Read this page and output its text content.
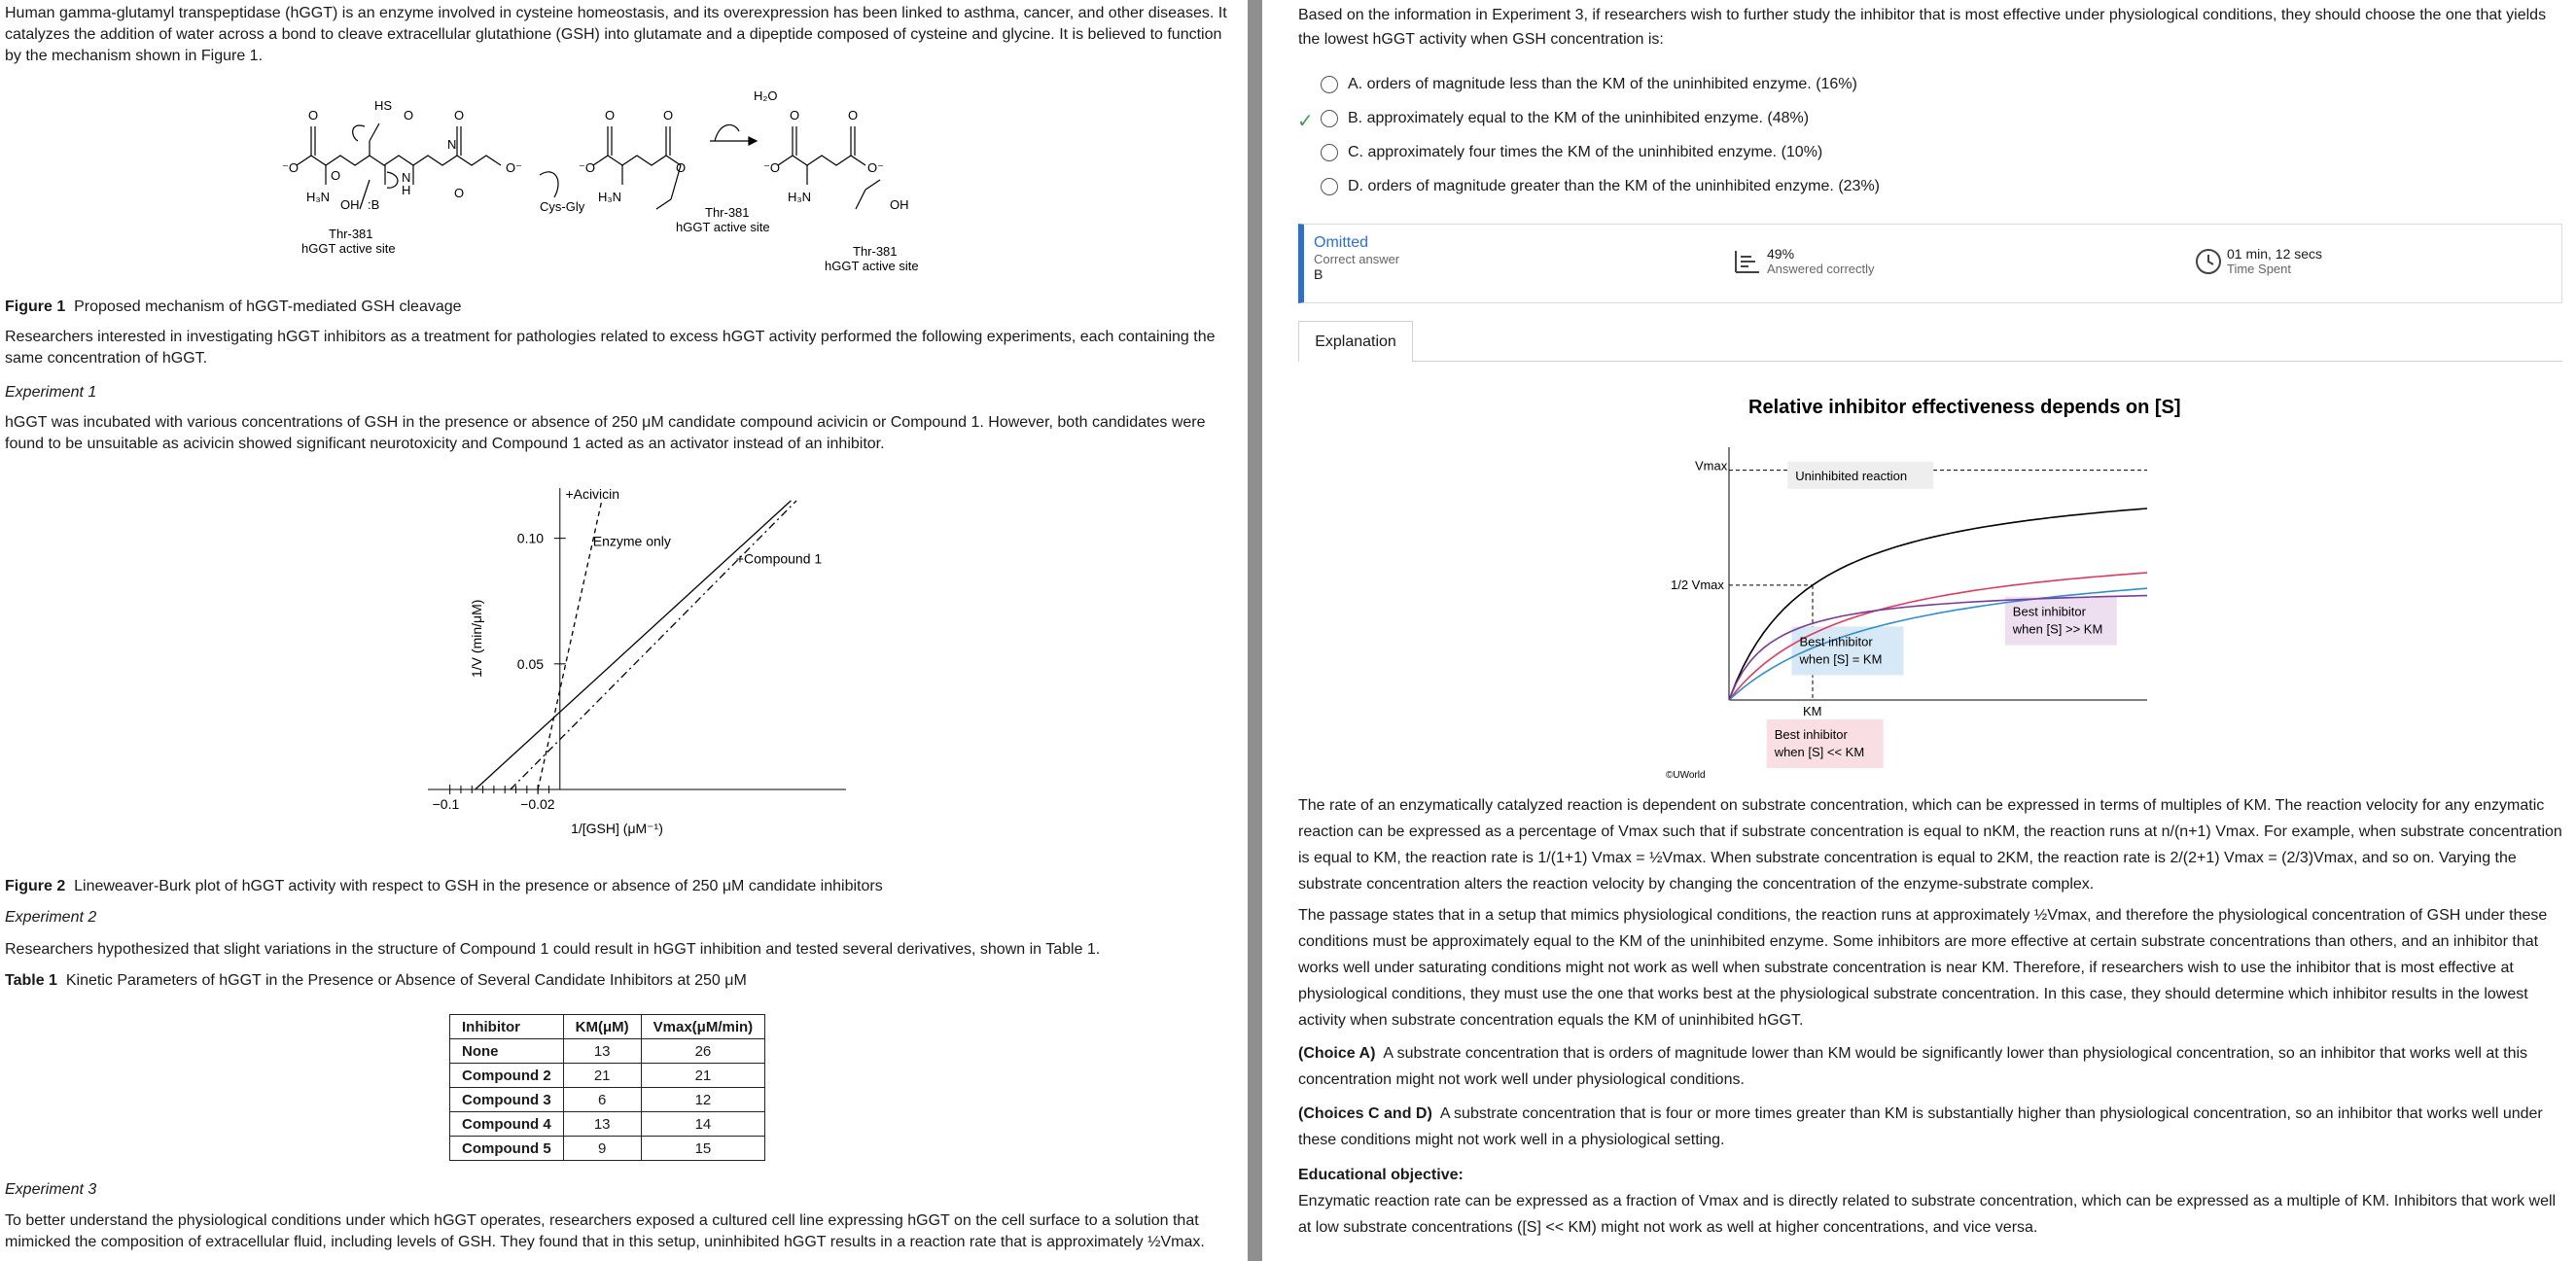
Human gamma-glutamyl transpeptidase (hGGT) is an enzyme involved in cysteine homeostasis, and its overexpression has been linked to asthma, cancer, and other diseases. It catalyzes the addition of water across a bond to cleave extracellular glutathione (GSH) into glutamate and a dipeptide composed of cysteine and glycine. It is believed to function by the mechanism shown in Figure 1.

O	O
O
O
O
O⁻
⁻O
N
H
N
HS
H₃N
OH :B
Thr-381
hGGT active site
Cys-Gly
O	O
⁻O
H₃N
O
Thr-381
hGGT active site
H₂O
O	O
⁻O	O⁻
H₃N
OH
Thr-381
hGGT active site

Figure 1 Proposed mechanism of hGGT-mediated GSH cleavage

Researchers interested in investigating hGGT inhibitors as a treatment for pathologies related to excess hGGT activity performed the following experiments, each containing the same concentration of hGGT.

Experiment 1

hGGT was incubated with various concentrations of GSH in the presence or absence of 250 μM candidate compound acivicin or Compound 1. However, both candidates were found to be unsuitable as acivicin showed significant neurotoxicity and Compound 1 acted as an activator instead of an inhibitor.

−0.1	−0.02
0.05
0.10	Enzyme only
+Acivicin
+Compound 1
1/[GSH] (μM⁻¹)
1/V (min/μM)

Figure 2 Lineweaver-Burk plot of hGGT activity with respect to GSH in the presence or absence of 250 μM candidate inhibitors

Experiment 2

Researchers hypothesized that slight variations in the structure of Compound 1 could result in hGGT inhibition and tested several derivatives, shown in Table 1.

Table 1 Kinetic Parameters of hGGT in the Presence or Absence of Several Candidate Inhibitors at 250 μM

Inhibitor	KM(μM)	Vmax(μM/min)
None	13	26
Compound 2	21	21
Compound 3	6	12
Compound 4	13	14
Compound 5	9	15

Experiment 3

To better understand the physiological conditions under which hGGT operates, researchers exposed a cultured cell line expressing hGGT on the cell surface to a solution that mimicked the composition of extracellular fluid, including levels of GSH. They found that in this setup, uninhibited hGGT results in a reaction rate that is approximately ½Vmax.

Based on the information in Experiment 3, if researchers wish to further study the inhibitor that is most effective under physiological conditions, they should choose the one that yields the lowest hGGT activity when GSH concentration is:

✓
A.
orders of magnitude less than the KM of the uninhibited enzyme.
(16%)
B.
approximately equal to the KM of the uninhibited enzyme.
(48%)
C.
approximately four times the KM of the uninhibited enzyme.
(10%)
D.
orders of magnitude greater than the KM of the uninhibited enzyme.
(23%)
Omitted
Correct answer
B
49%
Answered correctly
01 min, 12 secs
Time Spent
Explanation
Relative inhibitor effectiveness depends on [S]
Vmax
1/2 Vmax
KM
Uninhibited reaction
Best inhibitor
when [S] = KM
Best inhibitor
when [S] >> KM
Best inhibitor
when [S] << KM
©UWorld

The rate of an enzymatically catalyzed reaction is dependent on substrate concentration, which can be expressed in terms of multiples of KM. The reaction velocity for any enzymatic reaction can be expressed as a percentage of Vmax such that if substrate concentration is equal to nKM, the reaction runs at n/(n+1) Vmax. For example, when substrate concentration is equal to KM, the reaction rate is 1/(1+1) Vmax = ½Vmax. When substrate concentration is equal to 2KM, the reaction rate is 2/(2+1) Vmax = (2/3)Vmax, and so on. Varying the substrate concentration alters the reaction velocity by changing the concentration of the enzyme-substrate complex.

The passage states that in a setup that mimics physiological conditions, the reaction runs at approximately ½Vmax, and therefore the physiological concentration of GSH under these conditions must be approximately equal to the KM of the uninhibited enzyme. Some inhibitors are more effective at certain substrate concentrations than others, and an inhibitor that works well under saturating conditions might not work as well when substrate concentration is near KM. Therefore, if researchers wish to use the inhibitor that is most effective at physiological conditions, they must use the one that works best at the physiological substrate concentration. In this case, they should determine which inhibitor results in the lowest activity when substrate concentration equals the KM of uninhibited hGGT.

(Choice A) A substrate concentration that is orders of magnitude lower than KM would be significantly lower than physiological concentration, so an inhibitor that works well at this concentration might not work well under physiological conditions.

(Choices C and D) A substrate concentration that is four or more times greater than KM is substantially higher than physiological concentration, so an inhibitor that works well under these conditions might not work well in a physiological setting.

Educational objective:

Enzymatic reaction rate can be expressed as a fraction of Vmax and is directly related to substrate concentration, which can be expressed as a multiple of KM. Inhibitors that work well at low substrate concentrations ([S] << KM) might not work as well at higher concentrations, and vice versa.
